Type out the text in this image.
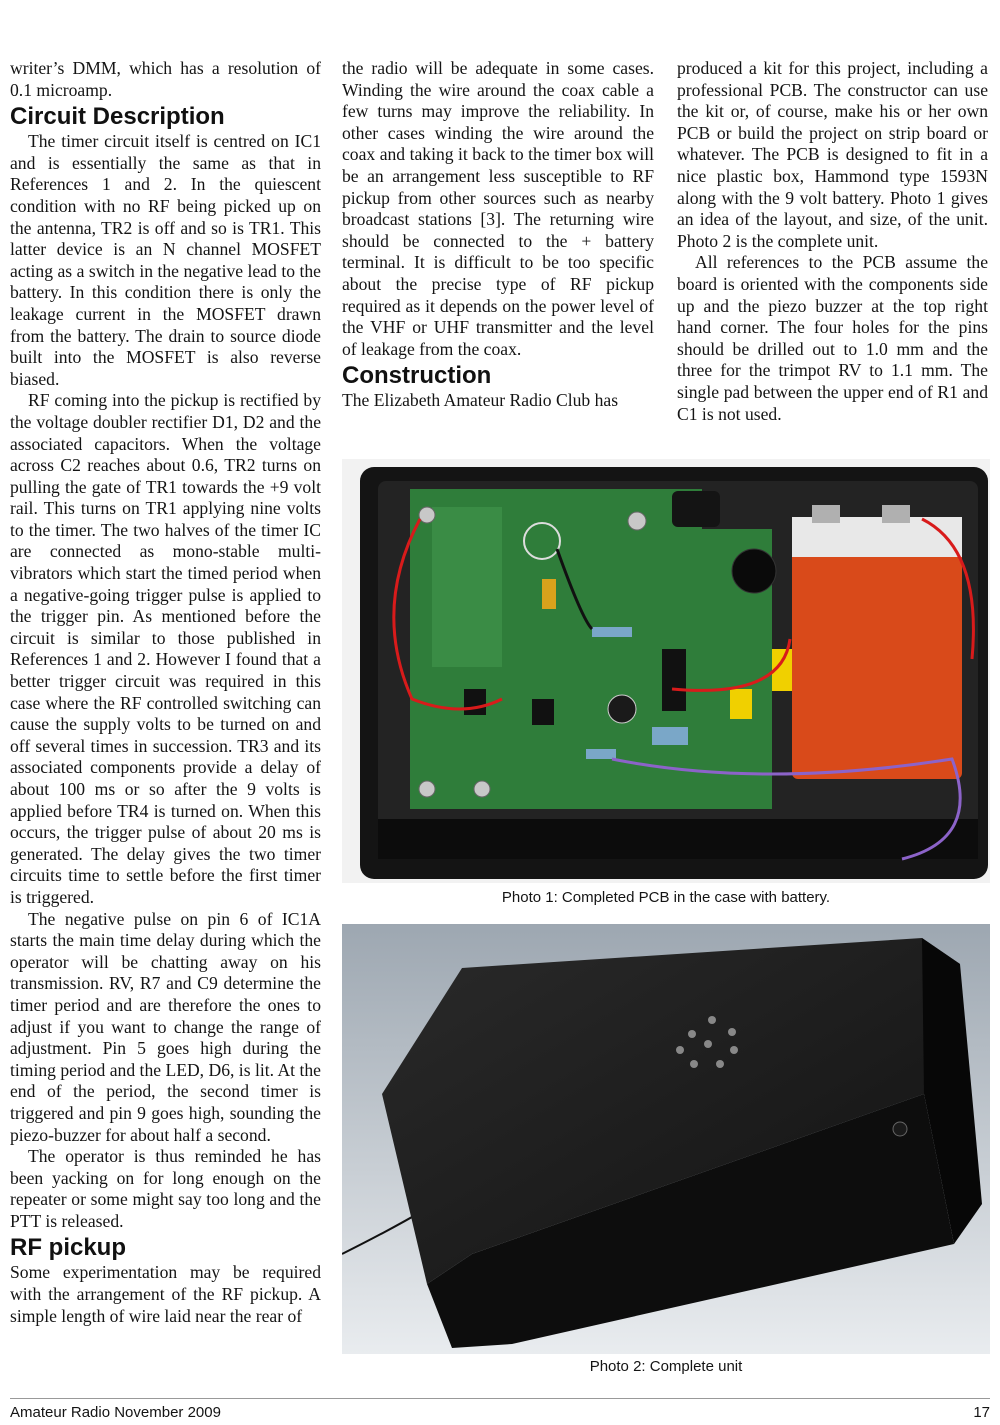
writer’s DMM, which has a resolution of 0.1 microamp.

Circuit Description

The timer circuit itself is centred on IC1 and is essentially the same as that in References 1 and 2. In the quiescent condition with no RF being picked up on the antenna, TR2 is off and so is TR1. This latter device is an N channel MOSFET acting as a switch in the negative lead to the battery. In this condition there is only the leakage current in the MOSFET drawn from the battery. The drain to source diode built into the MOSFET is also reverse biased.

RF coming into the pickup is rectified by the voltage doubler rectifier D1, D2 and the associated capacitors. When the voltage across C2 reaches about 0.6, TR2 turns on pulling the gate of TR1 towards the +9 volt rail. This turns on TR1 applying nine volts to the timer. The two halves of the timer IC are connected as mono-stable multi-vibrators which start the timed period when a negative-going trigger pulse is applied to the trigger pin. As mentioned before the circuit is similar to those published in References 1 and 2. However I found that a better trigger circuit was required in this case where the RF controlled switching can cause the supply volts to be turned on and off several times in succession. TR3 and its associated components provide a delay of about 100 ms or so after the 9 volts is applied before TR4 is turned on. When this occurs, the trigger pulse of about 20 ms is generated. The delay gives the two timer circuits time to settle before the first timer is triggered.

The negative pulse on pin 6 of IC1A starts the main time delay during which the operator will be chatting away on his transmission. RV, R7 and C9 determine the timer period and are therefore the ones to adjust if you want to change the range of adjustment. Pin 5 goes high during the timing period and the LED, D6, is lit. At the end of the period, the second timer is triggered and pin 9 goes high, sounding the piezo-buzzer for about half a second.

The operator is thus reminded he has been yacking on for long enough on the repeater or some might say too long and the PTT is released.

RF pickup

Some experimentation may be required with the arrangement of the RF pickup. A simple length of wire laid near the rear of

the radio will be adequate in some cases. Winding the wire around the coax cable a few turns may improve the reliability. In other cases winding the wire around the coax and taking it back to the timer box will be an arrangement less susceptible to RF pickup from other sources such as nearby broadcast stations [3]. The returning wire should be connected to the + battery terminal. It is difficult to be too specific about the precise type of RF pickup required as it depends on the power level of the VHF or UHF transmitter and the level of leakage from the coax.

Construction

The Elizabeth Amateur Radio Club has

produced a kit for this project, including a professional PCB. The constructor can use the kit or, of course, make his or her own PCB or build the project on strip board or whatever. The PCB is designed to fit in a nice plastic box, Hammond type 1593N along with the 9 volt battery. Photo 1 gives an idea of the layout, and size, of the unit. Photo 2 is the complete unit.

All references to the PCB assume the board is oriented with the components side up and the piezo buzzer at the top right hand corner. The four holes for the pins should be drilled out to 1.0 mm and the three for the trimpot RV to 1.1 mm. The single pad between the upper end of R1 and C1 is not used.

Photo 1: Completed PCB in the case with battery.
Photo 2: Complete unit
Amateur Radio November 2009	17
